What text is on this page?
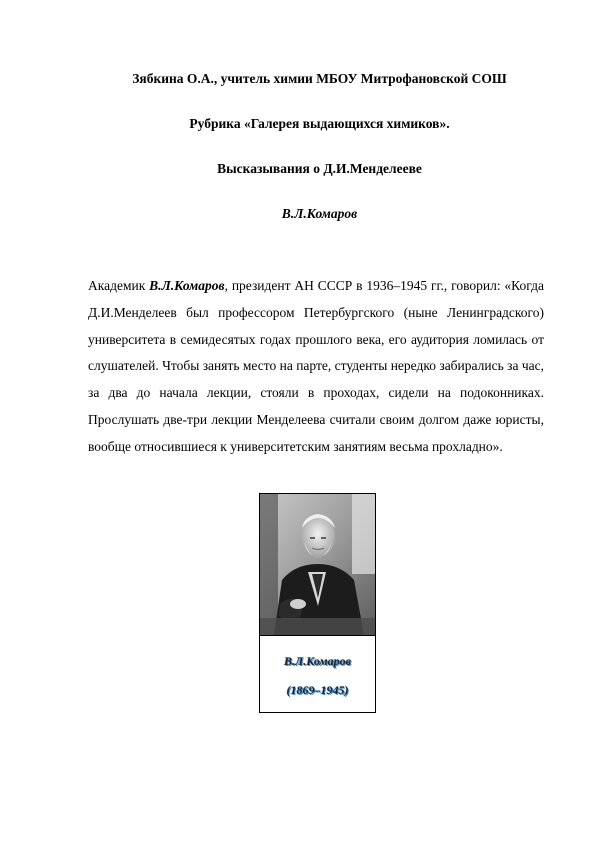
Зябкина О.А., учитель химии МБОУ Митрофановской СОШ
Рубрика «Галерея выдающихся химиков».
Высказывания о Д.И.Менделееве
В.Л.Комаров
Академик В.Л.Комаров, президент АН СССР в 1936–1945 гг., говорил: «Когда Д.И.Менделеев был профессором Петербургского (ныне Ленинградского) университета в семидесятых годах прошлого века, его аудитория ломилась от слушателей. Чтобы занять место на парте, студенты нередко забирались за час, за два до начала лекции, стояли в проходах, сидели на подоконниках. Прослушать две-три лекции Менделеева считали своим долгом даже юристы, вообще относившиеся к университетским занятиям весьма прохладно».
В.Л.Комаров
(1869–1945)
